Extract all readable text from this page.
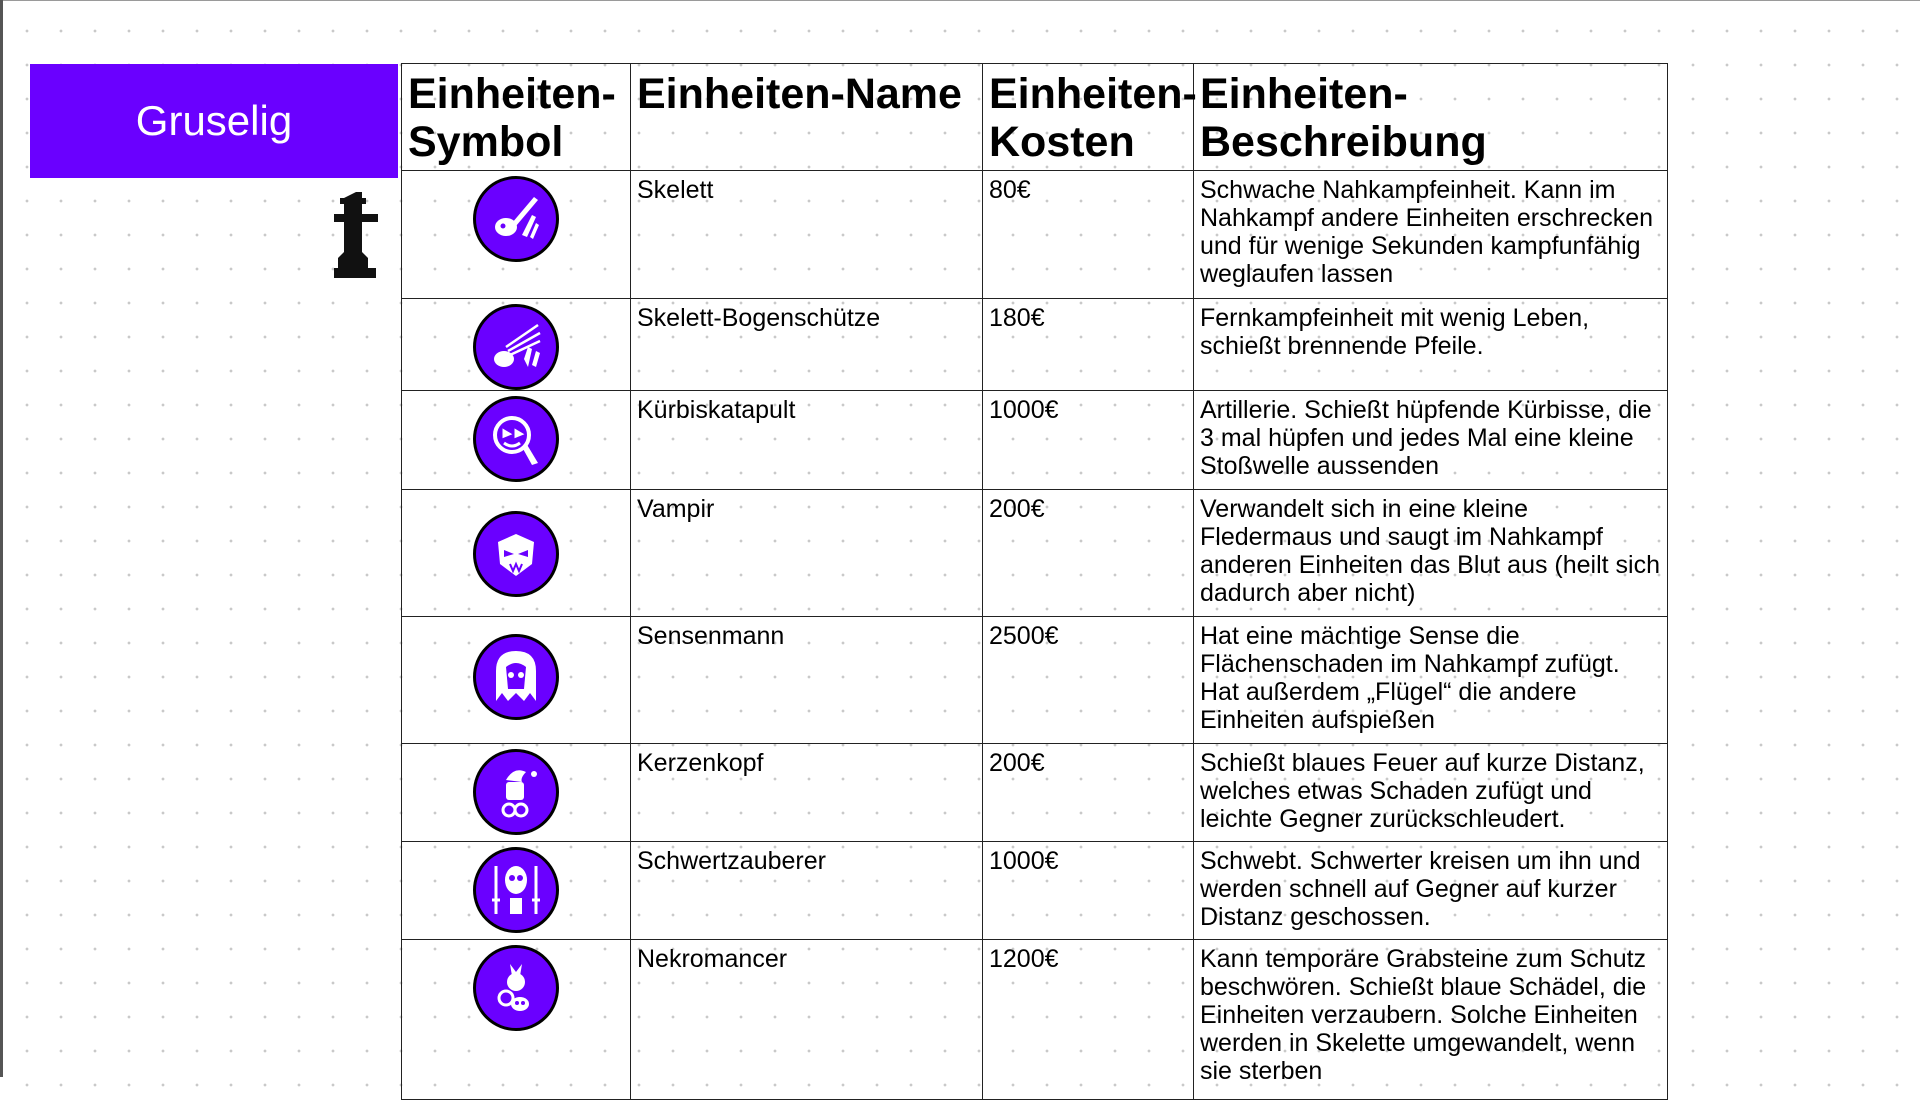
Gruselig
Einheiten-Symbol	Einheiten-Name	Einheiten-Kosten	Einheiten-Beschreibung

	Skelett	80€	Schwache Nahkampfeinheit. Kann im Nahkampf andere Einheiten erschrecken und für wenige Sekunden kampfunfähig weglaufen lassen

	Skelett-Bogenschütze	180€	Fernkampfeinheit mit wenig Leben, schießt brennende Pfeile.

	Kürbiskatapult	1000€	Artillerie. Schießt hüpfende Kürbisse, die 3 mal hüpfen und jedes Mal eine kleine Stoßwelle aussenden

	Vampir	200€	Verwandelt sich in eine kleine Fledermaus und saugt im Nahkampf anderen Einheiten das Blut aus (heilt sich dadurch aber nicht)

	Sensenmann	2500€	Hat eine mächtige Sense die Flächenschaden im Nahkampf zufügt. Hat außerdem „Flügel“ die andere Einheiten aufspießen

	Kerzenkopf	200€	Schießt blaues Feuer auf kurze Distanz, welches etwas Schaden zufügt und leichte Gegner zurückschleudert.

	Schwertzauberer	1000€	Schwebt. Schwerter kreisen um ihn und werden schnell auf Gegner auf kurzer Distanz geschossen.

	Nekromancer	1200€	Kann temporäre Grabsteine zum Schutz beschwören. Schießt blaue Schädel, die Einheiten verzaubern. Solche Einheiten werden in Skelette umgewandelt, wenn sie sterben
